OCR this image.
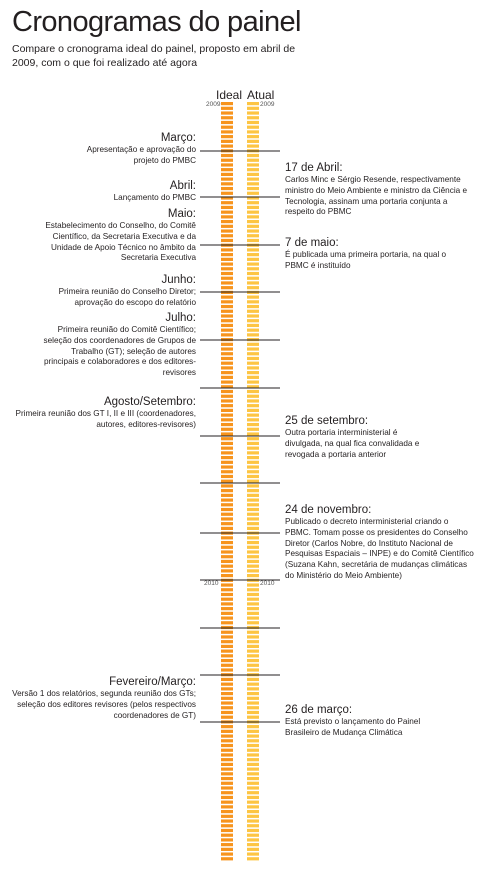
Cronogramas do painel
Compare o cronograma ideal do painel, proposto em abril de 2009, com o que foi realizado até agora
Ideal Atual
2009	2009
2010	2010
Março:
Apresentação e aprovação do projeto do PMBC
Abril:
Lançamento do PMBC
Maio:
Estabelecimento do Conselho, do Comitê Científico, da Secretaria Executiva e da Unidade de Apoio Técnico no âmbito da Secretaria Executiva
Junho:
Primeira reunião do Conselho Diretor; aprovação do escopo do relatório
Julho:
Primeira reunião do Comitê Científico; seleção dos coordenadores de Grupos de Trabalho (GT); seleção de autores principais e colaboradores e dos editores-revisores
Agosto/Setembro:
Primeira reunião dos GT I, II e III (coordenadores, autores, editores-revisores)
Fevereiro/Março:
Versão 1 dos relatórios, segunda reunião dos GTs; seleção dos editores revisores (pelos respectivos coordenadores de GT)
17 de Abril:
Carlos Minc e Sérgio Resende, respectivamente ministro do Meio Ambiente e ministro da Ciência e Tecnologia, assinam uma portaria conjunta a respeito do PBMC
7 de maio:
É publicada uma primeira portaria, na qual o PBMC é instituído
25 de setembro:
Outra portaria interministerial é divulgada, na qual fica convalidada e revogada a portaria anterior
24 de novembro:
Publicado o decreto interministerial criando o PBMC. Tomam posse os presidentes do Conselho Diretor (Carlos Nobre, do Instituto Nacional de Pesquisas Espaciais – INPE) e do Comitê Científico (Suzana Kahn, secretária de mudanças climáticas do Ministério do Meio Ambiente)
26 de março:
Está previsto o lançamento do Painel Brasileiro de Mudança Climática
